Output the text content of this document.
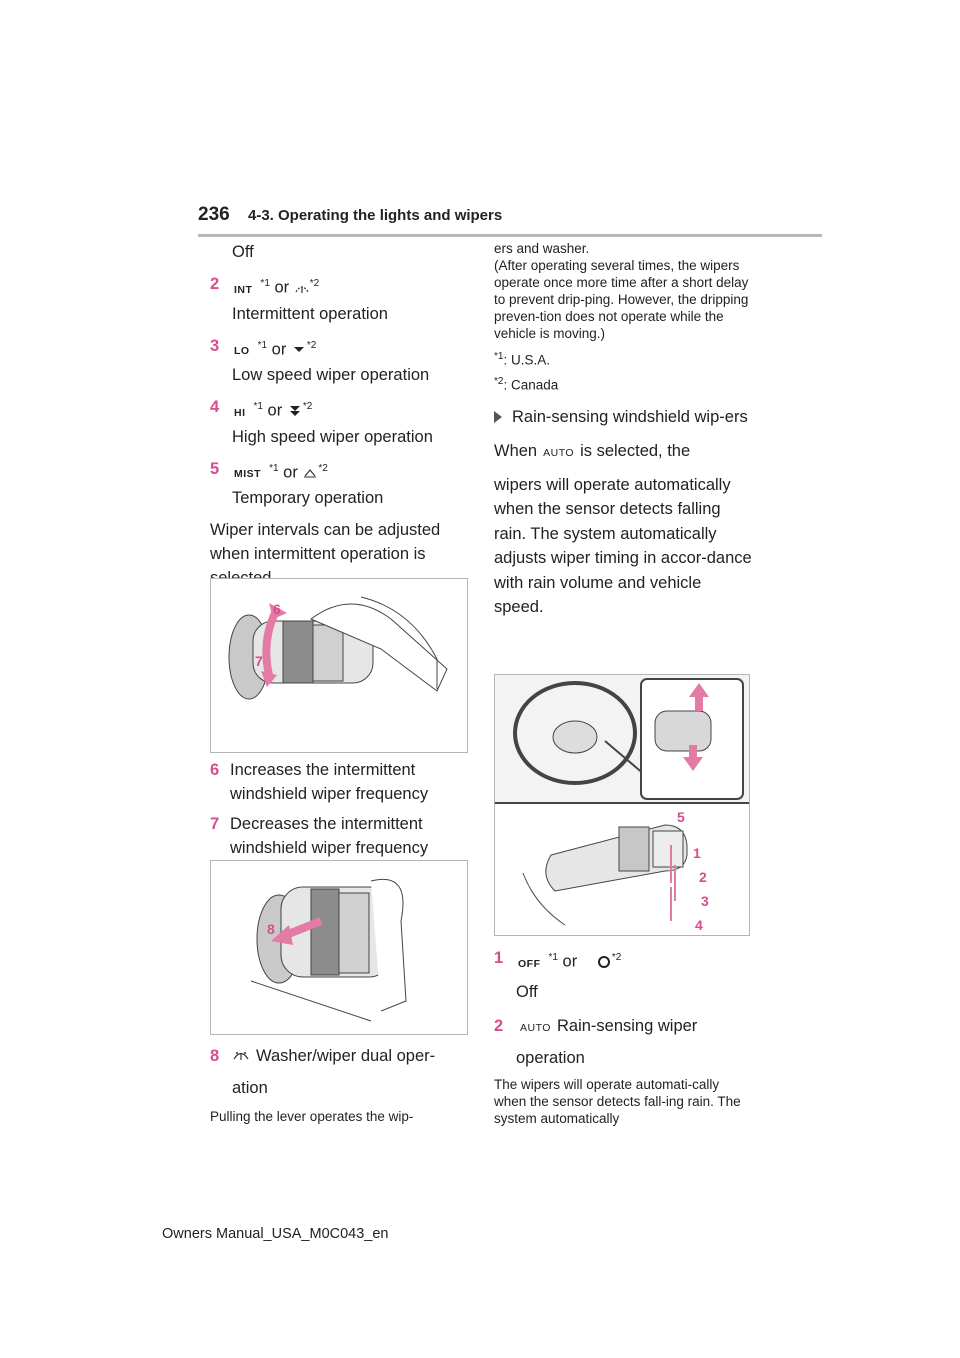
236 4-3. Operating the lights and wipers
Off
2	INT $^{*1}$ or $^{*2}$
Intermittent operation
3	LO $^{*1}$ or $^{*2}$
Low speed wiper operation
4	HI $^{*1}$ or $^{*2}$
High speed wiper operation
5	MIST $^{*1}$ or $^{*2}$
Temporary operation
Wiper intervals can be adjusted when intermittent operation is
6
7
6 Increases the intermittent windshield wiper frequency
7 Decreases the intermittent windshield wiper frequency
8
8	Washer/wiper dual oper-
ation
Pulling the lever operates the wip-
ers and washer.
(After operating several times, the wipers operate once more time after a short delay to prevent drip-ping. However, the dripping preven-tion does not operate while the vehicle is moving.)
$^{*1}$: U.S.A.
$^{*2}$: Canada
Rain-sensing windshield wip-ers
When AUTO is selected, the
wipers will operate automatically when the sensor detects falling rain. The system automatically adjusts wiper timing in accor-dance with rain volume and vehicle speed.
5
1
2
3
4
1	OFF $^{*1}$ or	$^{*2}$
Off
2	AUTO Rain-sensing wiper
operation
The wipers will operate automati-cally when the sensor detects fall-ing rain. The system automatically
Owners Manual_USA_M0C043_en
